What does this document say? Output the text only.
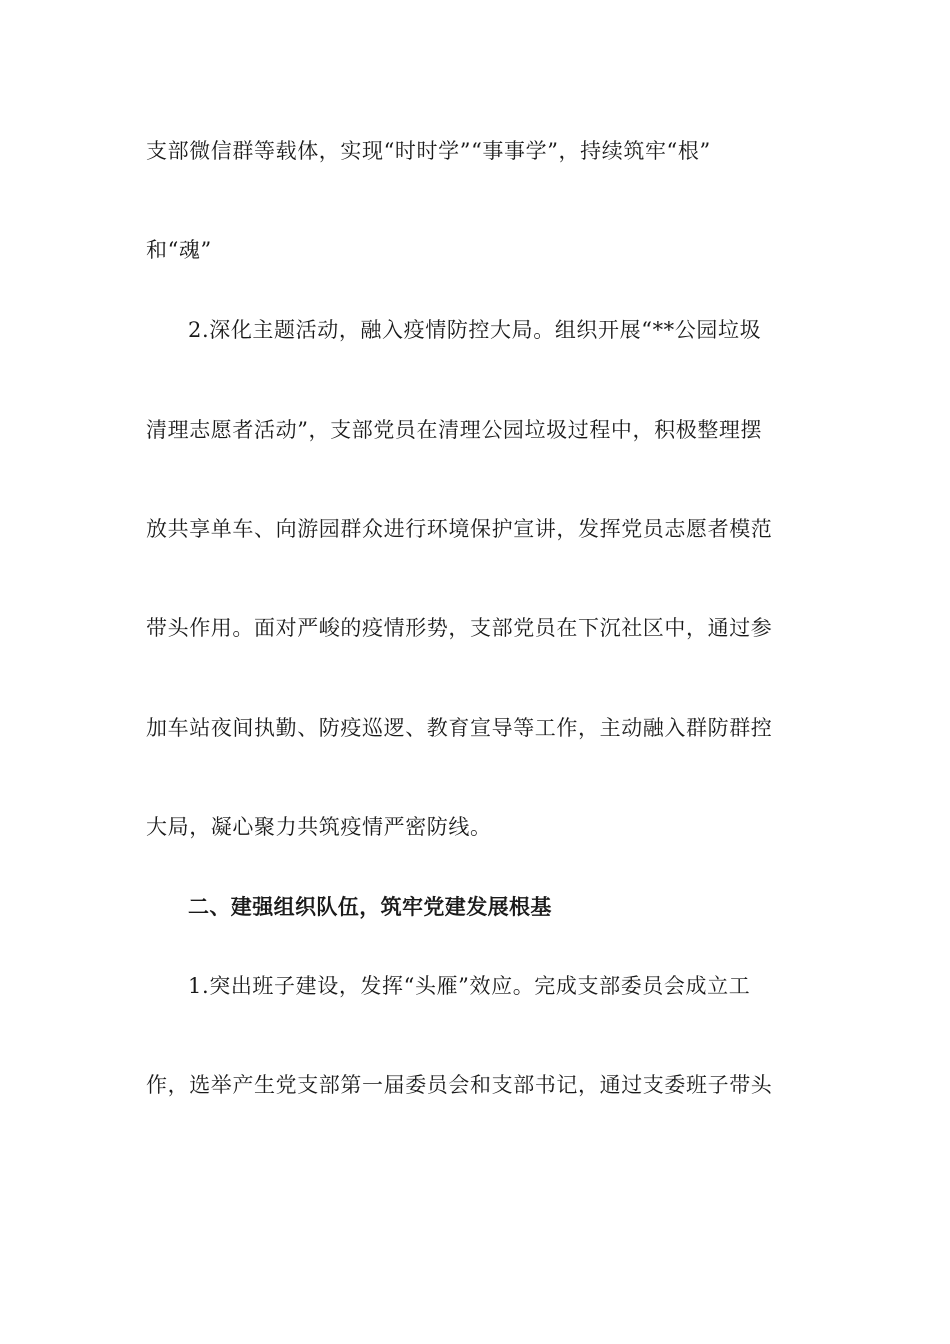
支部微信群等载体，实现“时时学”“事事学”，持续筑牢“根”
和“魂”
2.深化主题活动，融入疫情防控大局。组织开展“**公园垃圾
清理志愿者活动”，支部党员在清理公园垃圾过程中，积极整理摆
放共享单车、向游园群众进行环境保护宣讲，发挥党员志愿者模范
带头作用。面对严峻的疫情形势，支部党员在下沉社区中，通过参
加车站夜间执勤、防疫巡逻、教育宣导等工作，主动融入群防群控
大局，凝心聚力共筑疫情严密防线。
二、建强组织队伍，筑牢党建发展根基
1.突出班子建设，发挥“头雁”效应。完成支部委员会成立工
作，选举产生党支部第一届委员会和支部书记，通过支委班子带头
